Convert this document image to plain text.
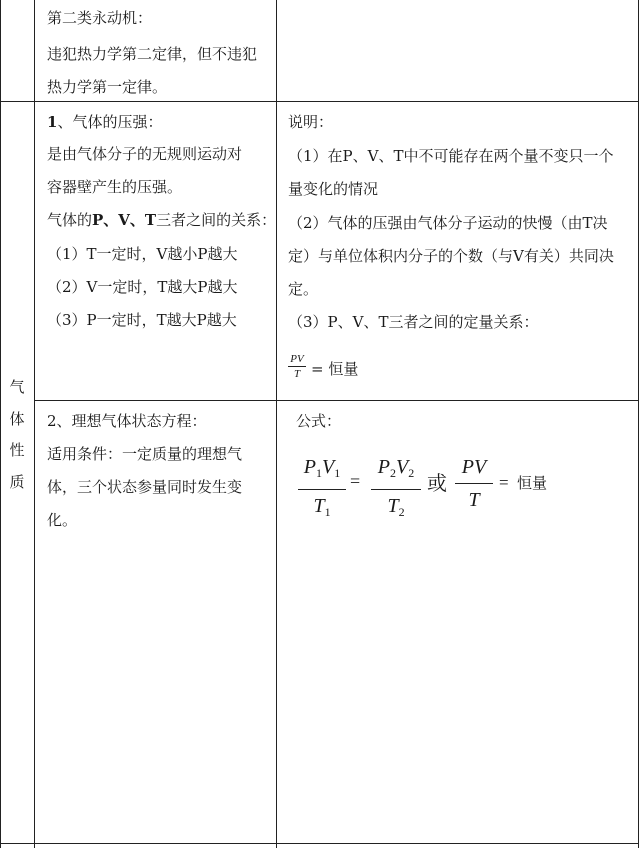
第二类永动机：
违犯热力学第二定律，但不违犯
热力学第一定律。
气
体
性
质
1、气体的压强：
是由气体分子的无规则运动对
容器壁产生的压强。
气体的P、V、T三者之间的关系：
（1）T一定时，V越小P越大
（2）V一定时，T越大P越大
（3）P一定时，T越大P越大
说明：
（1）在P、V、T中不可能存在两个量不变只一个
量变化的情况
（2）气体的压强由气体分子运动的快慢（由T决
定）与单位体积内分子的个数（与V有关）共同决
定。
（3）P、V、T三者之间的定量关系：
PV
T = 恒量
2、理想气体状态方程：
适用条件：一定质量的理想气
体，三个状态参量同时发生变
化。
公式：
$P_1V_1$
$T_1$
=
$P_2V_2$
$T_2$
或
PV
T
= 恒量
